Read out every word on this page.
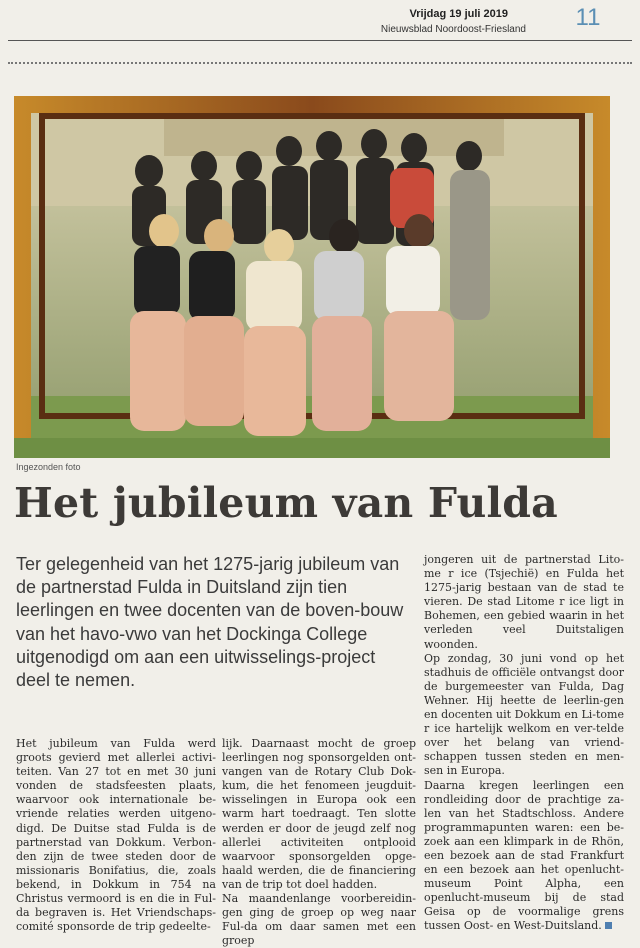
Vrijdag 19 juli 2019
Nieuwsblad Noordoost-Friesland	11
Ingezonden foto
Het jubileum van Fulda
Ter gelegenheid van het 1275-jarig jubileum van de partnerstad Fulda in Duitsland zijn tien leerlingen en twee docenten van de boven-bouw van het havo-vwo van het Dockinga College uitgenodigd om aan een uitwisselings-project deel te nemen.

Het jubileum van Fulda werd groots gevierd met allerlei activi-teiten. Van 27 tot en met 30 juni vonden de stadsfeesten plaats, waarvoor ook internationale be-vriende relaties werden uitgeno-digd. De Duitse stad Fulda is de partnerstad van Dokkum. Verbon-den zijn de twee steden door de missionaris Bonifatius, die, zoals bekend, in Dokkum in 754 na Christus vermoord is en die in Ful-da begraven is. Het Vriendschaps-comité sponsorde de trip gedeelte-

lijk. Daarnaast mocht de groep leerlingen nog sponsorgelden ont-vangen van de Rotary Club Dok-kum, die het fenomeen jeugduit-wisselingen in Europa ook een warm hart toedraagt. Ten slotte werden er door de jeugd zelf nog allerlei activiteiten ontplooid waarvoor sponsorgelden opge-haald werden, die de financiering van de trip tot doel hadden.

Na maandenlange voorbereidin-gen ging de groep op weg naar Ful-da om daar samen met een groep

jongeren uit de partnerstad Lito-me r ice (Tsjechië) en Fulda het 1275-jarig bestaan van de stad te vieren. De stad Litome r ice ligt in Bohemen, een gebied waarin in het verleden veel Duitstaligen woonden.

Op zondag, 30 juni vond op het stadhuis de officiële ontvangst door de burgemeester van Fulda, Dag Wehner. Hij heette de leerlin-gen en docenten uit Dokkum en Li-tome r ice hartelijk welkom en ver-telde over het belang van vriend-schappen tussen steden en men-sen in Europa.

Daarna kregen leerlingen een rondleiding door de prachtige za-len van het Stadtschloss. Andere programmapunten waren: een be-zoek aan een klimpark in de Rhön, een bezoek aan de stad Frankfurt en een bezoek aan het openlucht-museum Point Alpha, een openlucht-museum bij de stad Geisa op de voormalige grens tussen Oost- en West-Duitsland.
